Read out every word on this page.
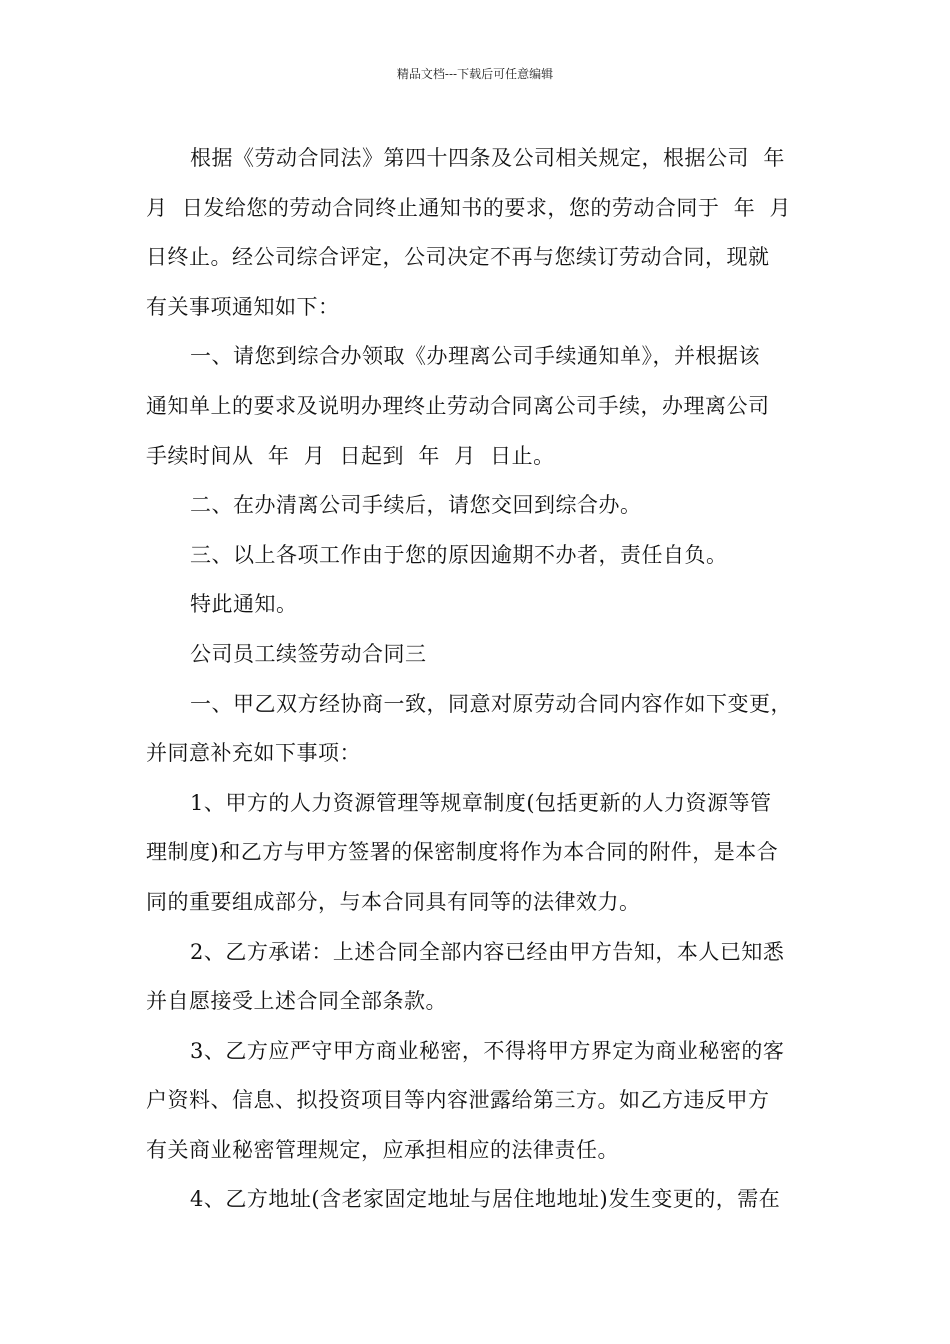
精品文档---下载后可任意编辑
根据《劳动合同法》第四十四条及公司相关规定，根据公司  年
月  日发给您的劳动合同终止通知书的要求，您的劳动合同于  年  月
日终止。经公司综合评定，公司决定不再与您续订劳动合同，现就
有关事项通知如下：
一、请您到综合办领取《办理离公司手续通知单》，并根据该
通知单上的要求及说明办理终止劳动合同离公司手续，办理离公司
手续时间从  年  月  日起到  年  月  日止。
二、在办清离公司手续后，请您交回到综合办。
三、以上各项工作由于您的原因逾期不办者，责任自负。
特此通知。
公司员工续签劳动合同三
一、甲乙双方经协商一致，同意对原劳动合同内容作如下变更，
并同意补充如下事项：
1、甲方的人力资源管理等规章制度(包括更新的人力资源等管
理制度)和乙方与甲方签署的保密制度将作为本合同的附件，是本合
同的重要组成部分，与本合同具有同等的法律效力。
2、乙方承诺：上述合同全部内容已经由甲方告知，本人已知悉
并自愿接受上述合同全部条款。
3、乙方应严守甲方商业秘密，不得将甲方界定为商业秘密的客
户资料、信息、拟投资项目等内容泄露给第三方。如乙方违反甲方
有关商业秘密管理规定，应承担相应的法律责任。
4、乙方地址(含老家固定地址与居住地地址)发生变更的，需在
